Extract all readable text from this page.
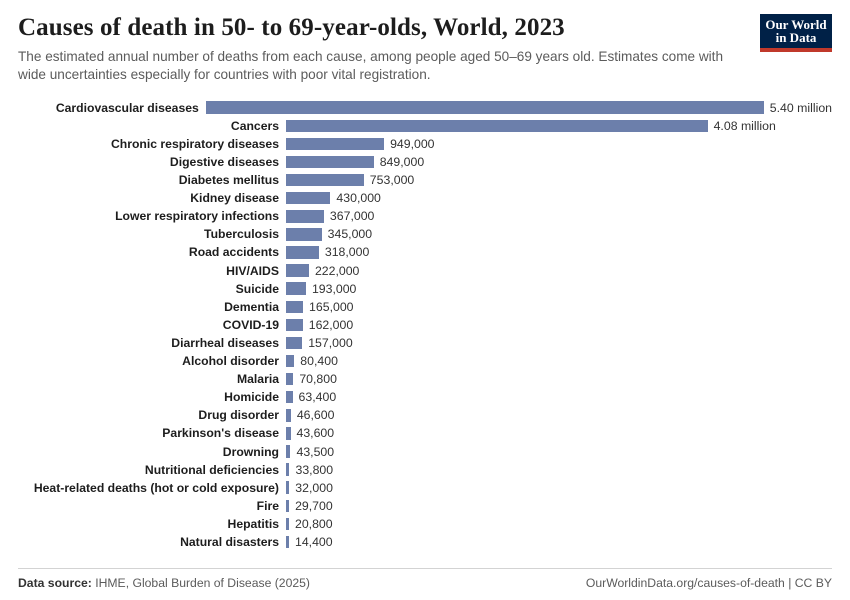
Causes of death in 50- to 69-year-olds, World, 2023

The estimated annual number of deaths from each cause, among people aged 50–69 years old. Estimates come with wide uncertainties especially for countries with poor vital registration.

Our World
in Data
Cardiovascular diseases	5.40 million
Cancers	4.08 million
Chronic respiratory diseases	949,000
Digestive diseases	849,000
Diabetes mellitus	753,000
Kidney disease	430,000
Lower respiratory infections	367,000
Tuberculosis	345,000
Road accidents	318,000
HIV/AIDS	222,000
Suicide	193,000
Dementia	165,000
COVID-19	162,000
Diarrheal diseases	157,000
Alcohol disorder	80,400
Malaria	70,800
Homicide	63,400
Drug disorder	46,600
Parkinson's disease	43,600
Drowning	43,500
Nutritional deficiencies	33,800
Heat-related deaths (hot or cold exposure)	32,000
Fire	29,700
Hepatitis	20,800
Natural disasters	14,400
Data source: IHME, Global Burden of Disease (2025)	OurWorldinData.org/causes-of-death | CC BY
